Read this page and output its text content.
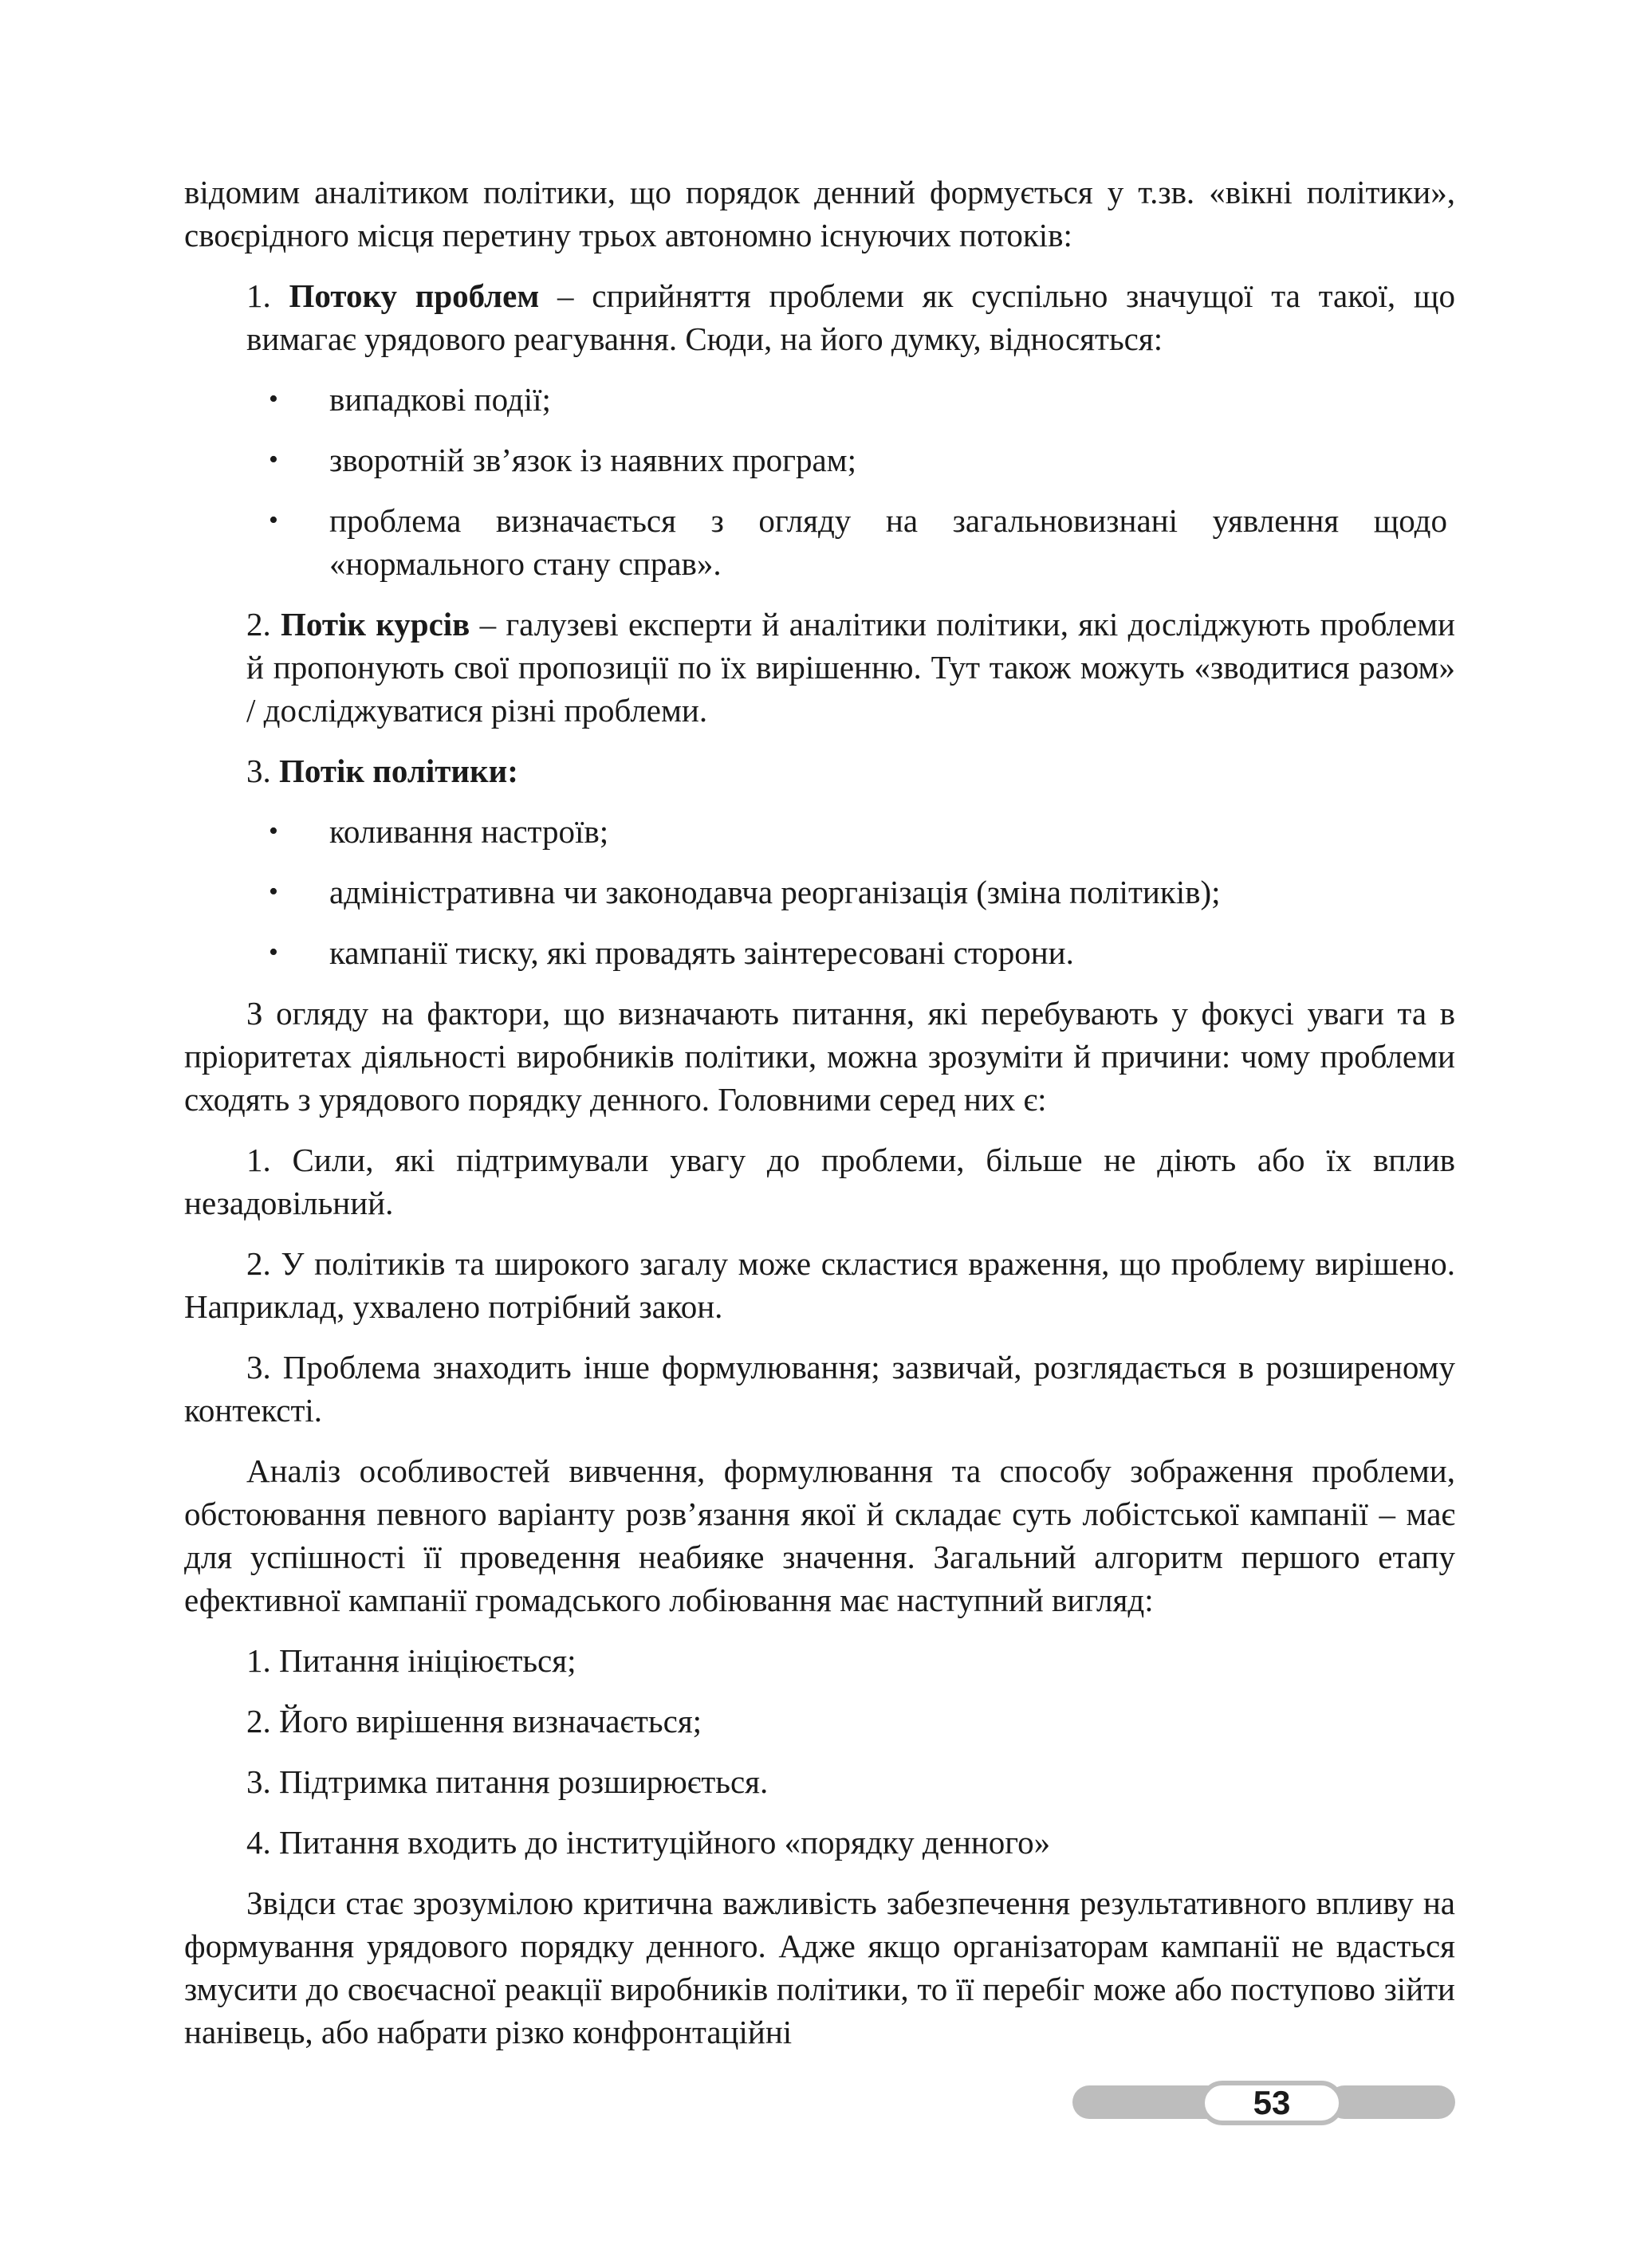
відомим аналітиком політики, що порядок денний формується у т.зв. «вікні політики», своєрідного місця перетину трьох автономно існуючих потоків:

1. Потоку проблем – сприйняття проблеми як суспільно значущої та такої, що вимагає урядового реагування. Сюди, на його думку, відносяться:
• випадкові події;
• зворотній зв’язок із наявних програм;
• проблема визначається з огляду на загальновизнані уявлення щодо «нормального стану справ».
2. Потік курсів – галузеві експерти й аналітики політики, які досліджують проблеми й пропонують свої пропозиції по їх вирішенню. Тут також можуть «зводитися разом» / досліджуватися різні проблеми.
3. Потік політики:
• коливання настроїв;
• адміністративна чи законодавча реорганізація (зміна політиків);
• кампанії тиску, які провадять заінтересовані сторони.

З огляду на фактори, що визначають питання, які перебувають у фокусі уваги та в пріоритетах діяльності виробників політики, можна зрозуміти й причини: чому проблеми сходять з урядового порядку денного. Головними серед них є:

1. Сили, які підтримували увагу до проблеми, більше не діють або їх вплив незадовільний.

2. У політиків та широкого загалу може скластися враження, що проблему вирішено. Наприклад, ухвалено потрібний закон.

3. Проблема знаходить інше формулювання; зазвичай, розглядається в розширеному контексті.

Аналіз особливостей вивчення, формулювання та способу зображення проблеми, обстоювання певного варіанту розв’язання якої й складає суть лобістської кампанії – має для успішності її проведення неабияке значення. Загальний алгоритм першого етапу ефективної кампанії громадського лобіювання має наступний вигляд:

1. Питання ініціюється;

2. Його вирішення визначається;

3. Підтримка питання розширюється.

4. Питання входить до інституційного «порядку денного»

Звідси стає зрозумілою критична важливість забезпечення результативного впливу на формування урядового порядку денного. Адже якщо організаторам кампанії не вдасться змусити до своєчасної реакції виробників політики, то її перебіг може або поступово зійти нанівець, або набрати різко конфронтаційні

53
